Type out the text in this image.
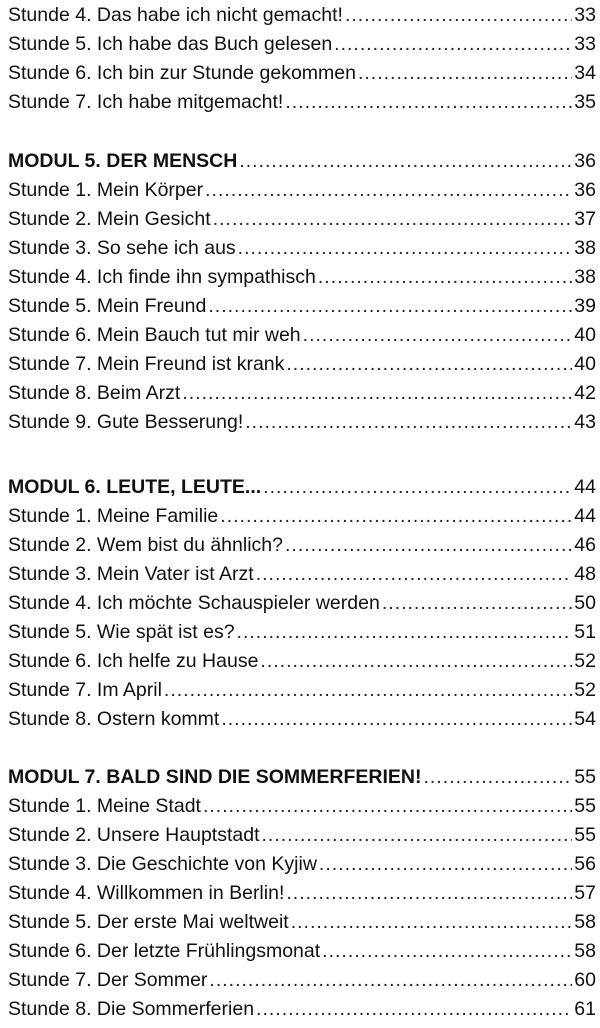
Stunde 4. Das habe ich nicht gemacht! .....	33
Stunde 5. Ich habe das Buch gelesen .....	33
Stunde 6. Ich bin zur Stunde gekommen .....	34
Stunde 7. Ich habe mitgemacht! .....	35
MODUL 5. DER MENSCH .....	36
Stunde 1. Mein Körper .....	36
Stunde 2. Mein Gesicht .....	37
Stunde 3. So sehe ich aus .....	38
Stunde 4. Ich finde ihn sympathisch .....	38
Stunde 5. Mein Freund .....	39
Stunde 6. Mein Bauch tut mir weh .....	40
Stunde 7. Mein Freund ist krank .....	40
Stunde 8. Beim Arzt .....	42
Stunde 9. Gute Besserung! .....	43
MODUL 6. LEUTE, LEUTE... .....	44
Stunde 1. Meine Familie .....	44
Stunde 2. Wem bist du ähnlich? .....	46
Stunde 3. Mein Vater ist Arzt .....	48
Stunde 4. Ich möchte Schauspieler werden .....	50
Stunde 5. Wie spät ist es? .....	51
Stunde 6. Ich helfe zu Hause .....	52
Stunde 7. Im April .....	52
Stunde 8. Ostern kommt .....	54
MODUL 7. BALD SIND DIE SOMMERFERIEN! .....	55
Stunde 1. Meine Stadt .....	55
Stunde 2. Unsere Hauptstadt .....	55
Stunde 3. Die Geschichte von Kyjiw .....	56
Stunde 4. Willkommen in Berlin! .....	57
Stunde 5. Der erste Mai weltweit .....	58
Stunde 6. Der letzte Frühlingsmonat .....	58
Stunde 7. Der Sommer .....	60
Stunde 8. Die Sommerferien .....	61
